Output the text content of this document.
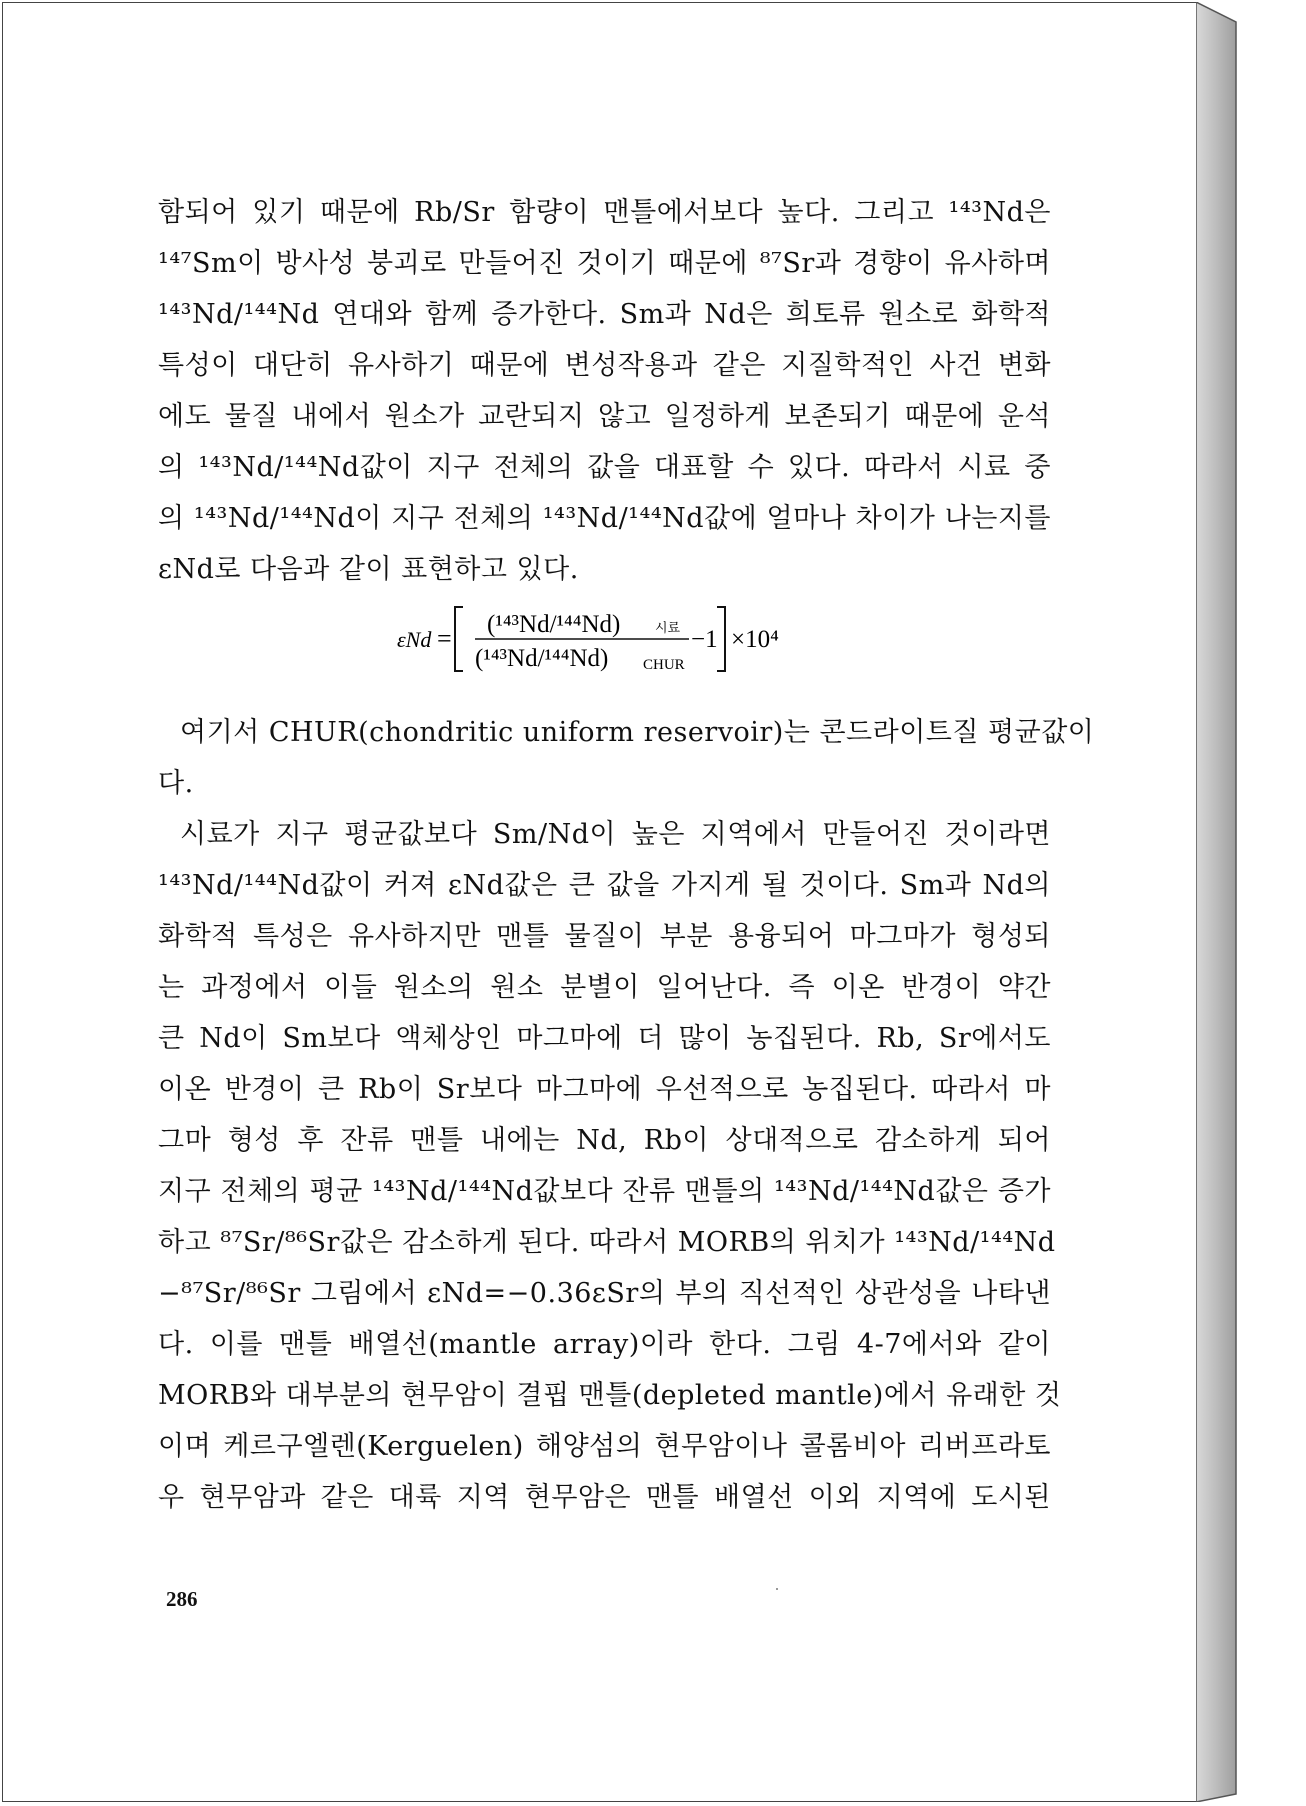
함되어 있기 때문에 Rb/Sr 함량이 맨틀에서보다 높다. 그리고 ¹⁴³Nd은
¹⁴⁷Sm이 방사성 붕괴로 만들어진 것이기 때문에 ⁸⁷Sr과 경향이 유사하며
¹⁴³Nd/¹⁴⁴Nd 연대와 함께 증가한다. Sm과 Nd은 희토류 원소로 화학적
특성이 대단히 유사하기 때문에 변성작용과 같은 지질학적인 사건 변화
에도 물질 내에서 원소가 교란되지 않고 일정하게 보존되기 때문에 운석
의 ¹⁴³Nd/¹⁴⁴Nd값이 지구 전체의 값을 대표할 수 있다. 따라서 시료 중
의 ¹⁴³Nd/¹⁴⁴Nd이 지구 전체의 ¹⁴³Nd/¹⁴⁴Nd값에 얼마나 차이가 나는지를
εNd로 다음과 같이 표현하고 있다.
여기서 CHUR(chondritic uniform reservoir)는 콘드라이트질 평균값이
다.
시료가 지구 평균값보다 Sm/Nd이 높은 지역에서 만들어진 것이라면
¹⁴³Nd/¹⁴⁴Nd값이 커져 εNd값은 큰 값을 가지게 될 것이다. Sm과 Nd의
화학적 특성은 유사하지만 맨틀 물질이 부분 용융되어 마그마가 형성되
는 과정에서 이들 원소의 원소 분별이 일어난다. 즉 이온 반경이 약간
큰 Nd이 Sm보다 액체상인 마그마에 더 많이 농집된다. Rb, Sr에서도
이온 반경이 큰 Rb이 Sr보다 마그마에 우선적으로 농집된다. 따라서 마
그마 형성 후 잔류 맨틀 내에는 Nd, Rb이 상대적으로 감소하게 되어
지구 전체의 평균 ¹⁴³Nd/¹⁴⁴Nd값보다 잔류 맨틀의 ¹⁴³Nd/¹⁴⁴Nd값은 증가
하고 ⁸⁷Sr/⁸⁶Sr값은 감소하게 된다. 따라서 MORB의 위치가 ¹⁴³Nd/¹⁴⁴Nd
−⁸⁷Sr/⁸⁶Sr 그림에서 εNd=−0.36εSr의 부의 직선적인 상관성을 나타낸
다. 이를 맨틀 배열선(mantle array)이라 한다. 그림 4-7에서와 같이
MORB와 대부분의 현무암이 결핍 맨틀(depleted mantle)에서 유래한 것
이며 케르구엘렌(Kerguelen) 해양섬의 현무암이나 콜롬비아 리버프라토
우 현무암과 같은 대륙 지역 현무암은 맨틀 배열선 이외 지역에 도시된
εNd = (¹⁴³Nd/¹⁴⁴Nd)	시료
(¹⁴³Nd/¹⁴⁴Nd) CHUR
−1 ×10⁴
286
